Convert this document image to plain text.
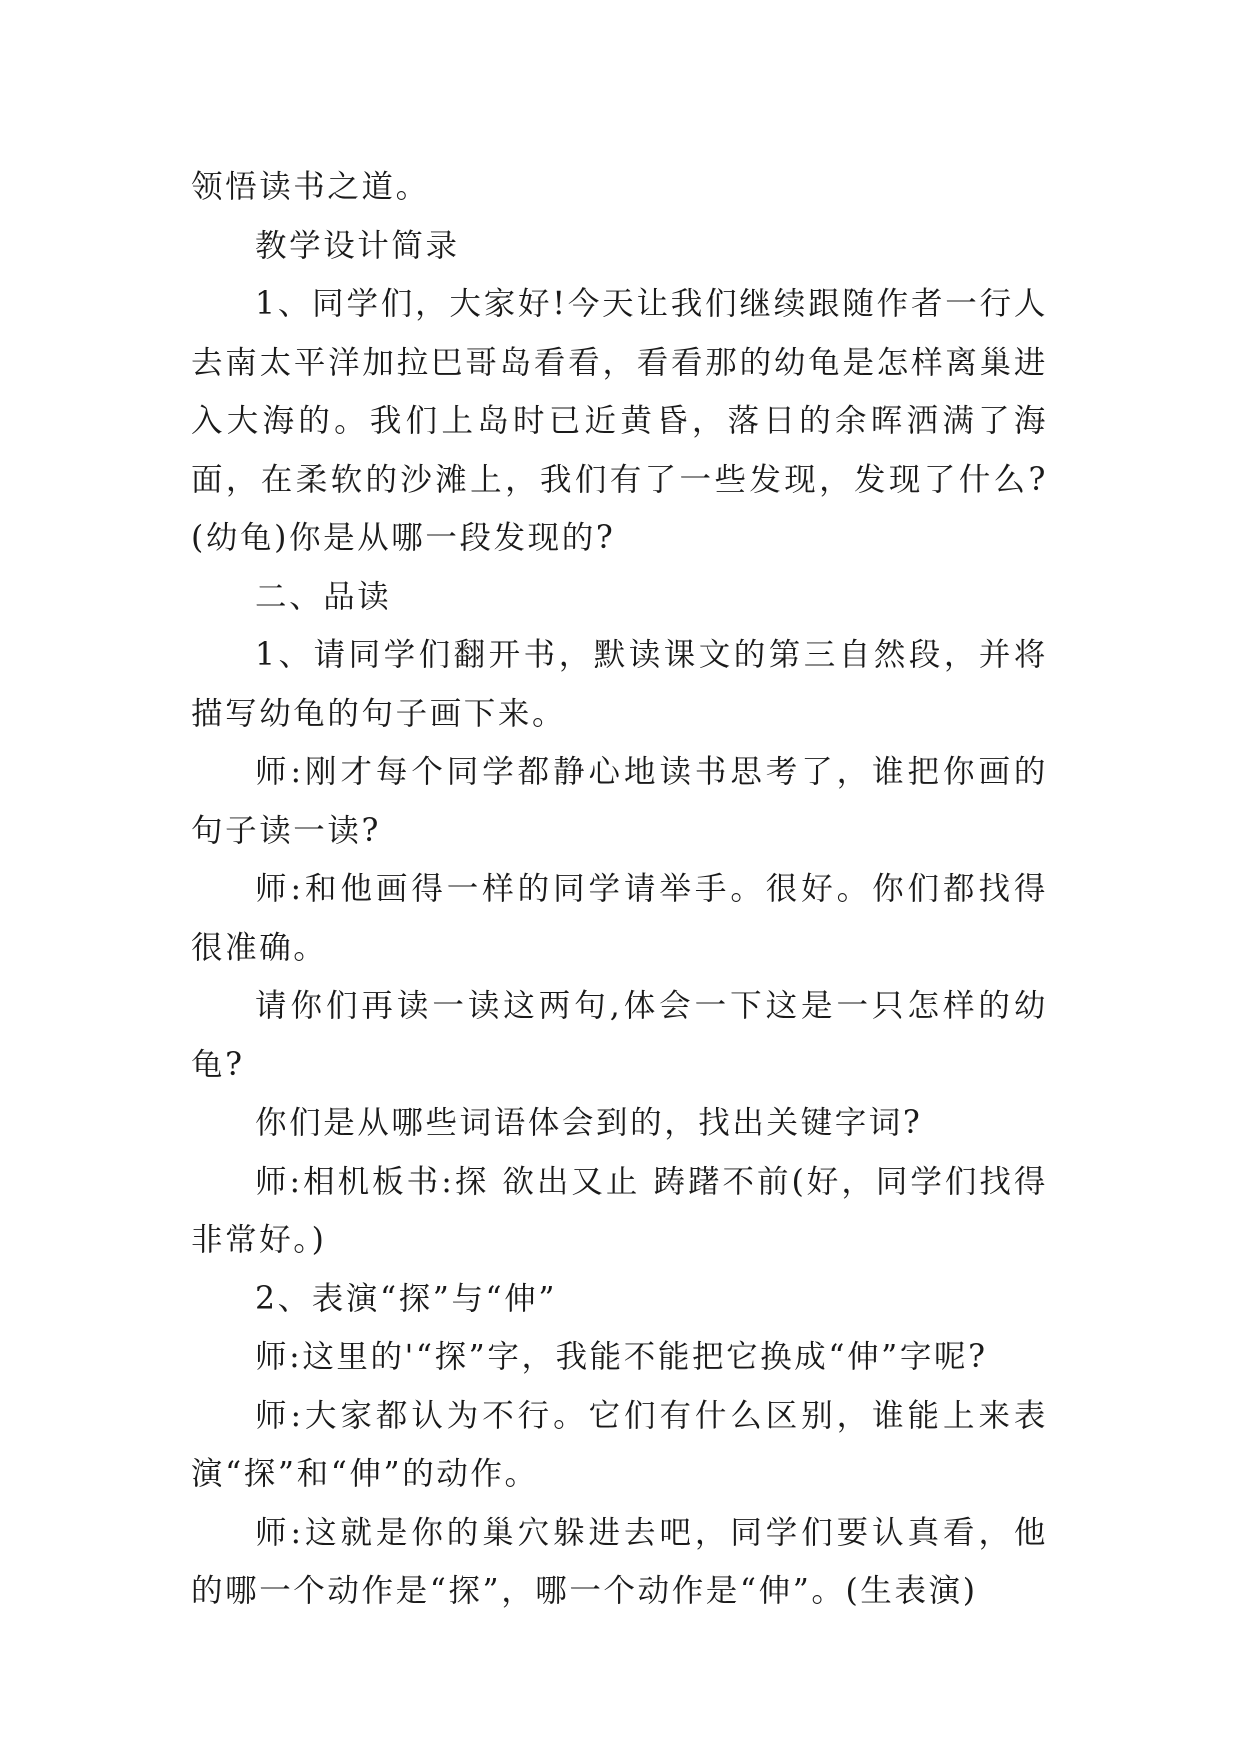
领悟读书之道。

教学设计简录

1、同学们，大家好!今天让我们继续跟随作者一行人去南太平洋加拉巴哥岛看看，看看那的幼龟是怎样离巢进入大海的。我们上岛时已近黄昏，落日的余晖洒满了海面，在柔软的沙滩上，我们有了一些发现，发现了什么?(幼龟)你是从哪一段发现的?

二、品读

1、请同学们翻开书，默读课文的第三自然段，并将描写幼龟的句子画下来。

师:刚才每个同学都静心地读书思考了，谁把你画的句子读一读?

师:和他画得一样的同学请举手。很好。你们都找得很准确。

请你们再读一读这两句,体会一下这是一只怎样的幼龟?

你们是从哪些词语体会到的，找出关键字词?

师:相机板书:探 欲出又止 踌躇不前(好，同学们找得非常好。)

2、表演“探”与“伸”

师:这里的'“探”字，我能不能把它换成“伸”字呢?

师:大家都认为不行。它们有什么区别，谁能上来表演“探”和“伸”的动作。

师:这就是你的巢穴躲进去吧，同学们要认真看，他的哪一个动作是“探”，哪一个动作是“伸”。(生表演)
